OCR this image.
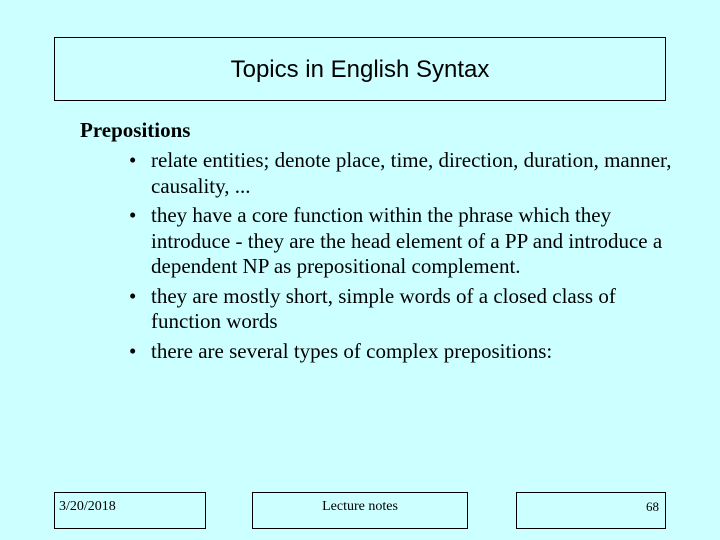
Topics in English Syntax
Prepositions
• relate entities; denote place, time, direction, duration, manner, causality, ...
• they have a core function within the phrase which they introduce - they are the head element of a PP and introduce a dependent NP as prepositional complement.
• they are mostly short, simple words of a closed class of function words
• there are several types of complex prepositions:
3/20/2018	Lecture notes	68
